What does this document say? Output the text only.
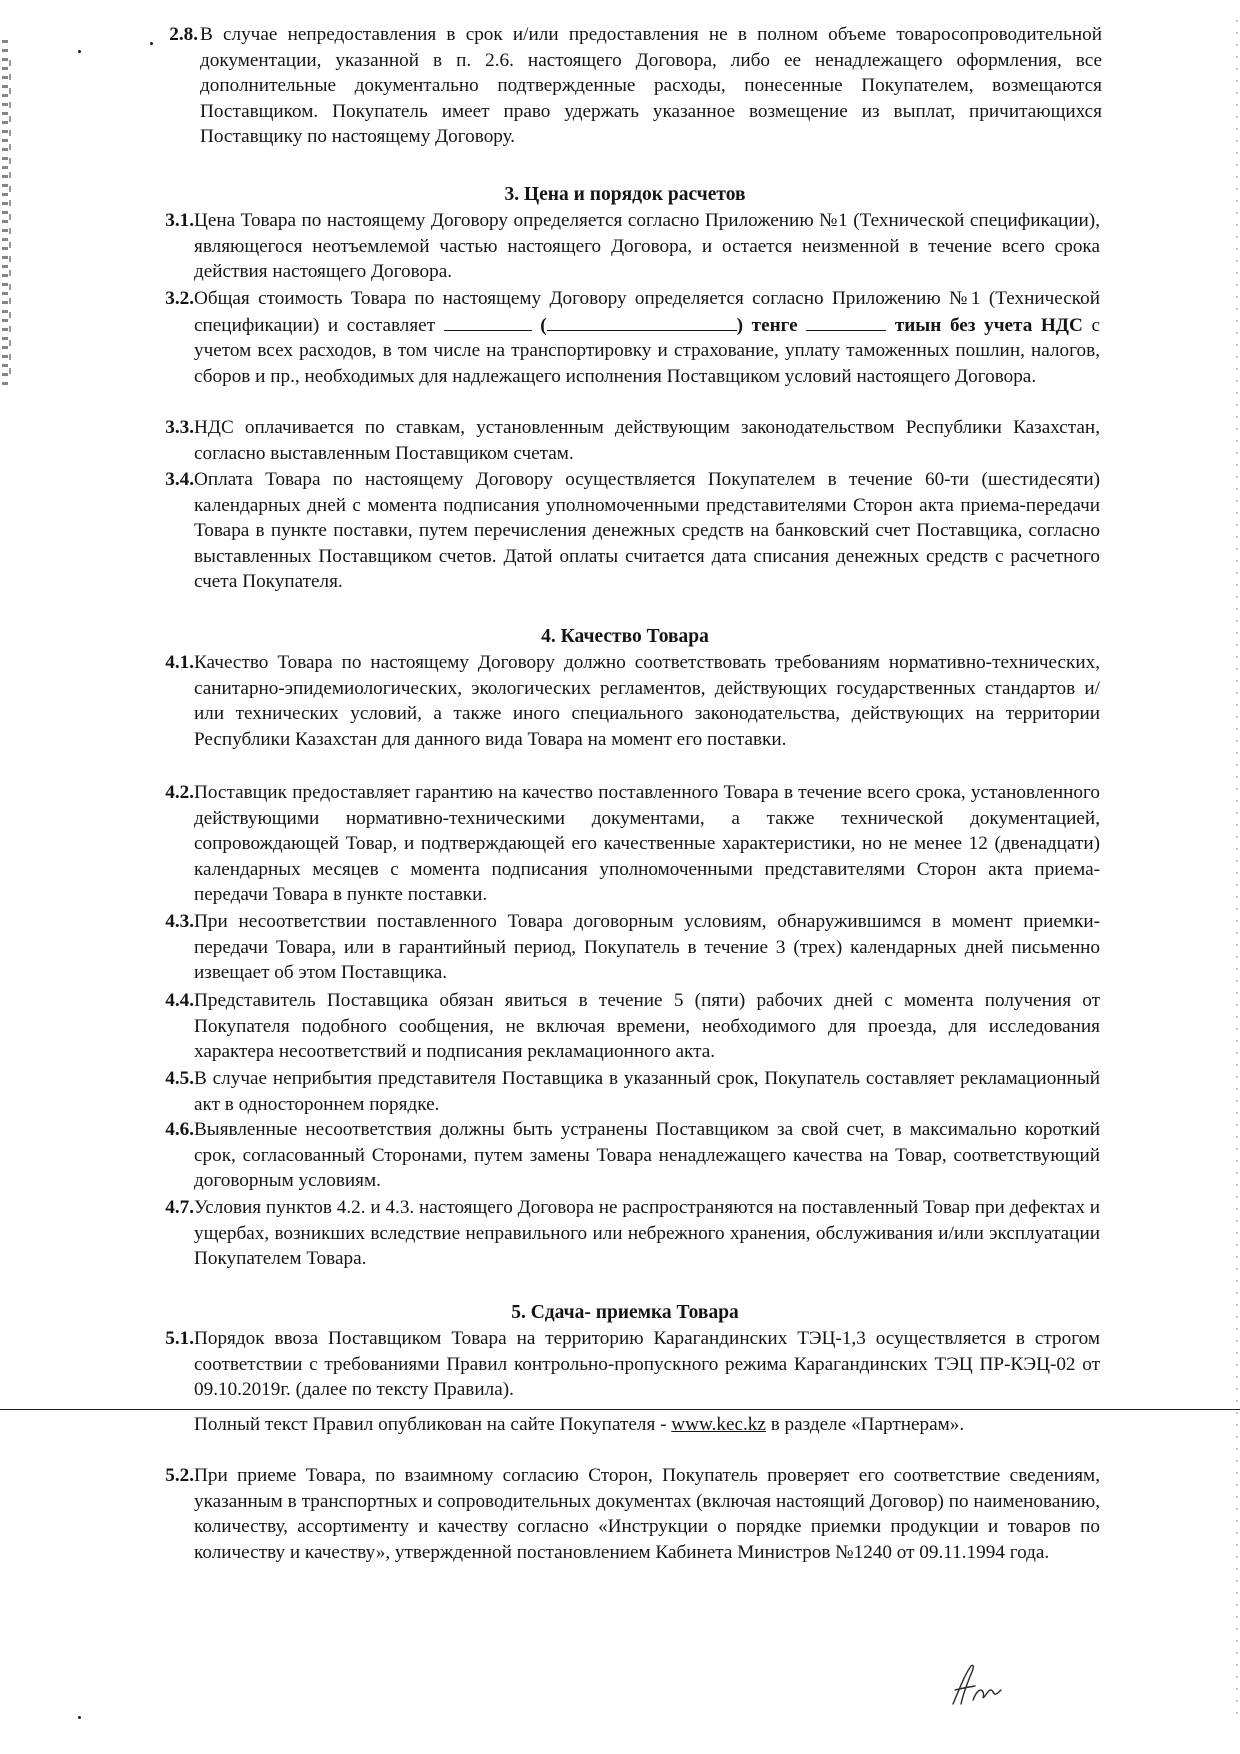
2.8. В случае непредоставления в срок и/или предоставления не в полном объеме товаросопроводительной документации, указанной в п. 2.6. настоящего Договора, либо ее ненадлежащего оформления, все дополнительные документально подтвержденные расходы, понесенные Покупателем, возмещаются Поставщиком. Покупатель имеет право удержать указанное возмещение из выплат, причитающихся Поставщику по настоящему Договору.
3. Цена и порядок расчетов
3.1. Цена Товара по настоящему Договору определяется согласно Приложению №1 (Технической спецификации), являющегося неотъемлемой частью настоящего Договора, и остается неизменной в течение всего срока действия настоящего Договора.
3.2. Общая стоимость Товара по настоящему Договору определяется согласно Приложению №1 (Технической спецификации) и составляет	(	) тенге	тиын без учета НДС с учетом всех расходов, в том числе на транспортировку и страхование, уплату таможенных пошлин, налогов, сборов и пр., необходимых для надлежащего исполнения Поставщиком условий настоящего Договора.
3.3. НДС оплачивается по ставкам, установленным действующим законодательством Республики Казахстан, согласно выставленным Поставщиком счетам.
3.4. Оплата Товара по настоящему Договору осуществляется Покупателем в течение 60-ти (шестидесяти) календарных дней с момента подписания уполномоченными представителями Сторон акта приема-передачи Товара в пункте поставки, путем перечисления денежных средств на банковский счет Поставщика, согласно выставленных Поставщиком счетов. Датой оплаты считается дата списания денежных средств с расчетного счета Покупателя.
4. Качество Товара
4.1. Качество Товара по настоящему Договору должно соответствовать требованиям нормативно-технических, санитарно-эпидемиологических, экологических регламентов, действующих государственных стандартов и/или технических условий, а также иного специального законодательства, действующих на территории Республики Казахстан для данного вида Товара на момент его поставки.
4.2. Поставщик предоставляет гарантию на качество поставленного Товара в течение всего срока, установленного действующими нормативно-техническими документами, а также технической документацией, сопровождающей Товар, и подтверждающей его качественные характеристики, но не менее 12 (двенадцати) календарных месяцев с момента подписания уполномоченными представителями Сторон акта приема-передачи Товара в пункте поставки.
4.3. При несоответствии поставленного Товара договорным условиям, обнаружившимся в момент приемки-передачи Товара, или в гарантийный период, Покупатель в течение 3 (трех) календарных дней письменно извещает об этом Поставщика.
4.4. Представитель Поставщика обязан явиться в течение 5 (пяти) рабочих дней с момента получения от Покупателя подобного сообщения, не включая времени, необходимого для проезда, для исследования характера несоответствий и подписания рекламационного акта.
4.5. В случае неприбытия представителя Поставщика в указанный срок, Покупатель составляет рекламационный акт в одностороннем порядке.
4.6. Выявленные несоответствия должны быть устранены Поставщиком за свой счет, в максимально короткий срок, согласованный Сторонами, путем замены Товара ненадлежащего качества на Товар, соответствующий договорным условиям.
4.7. Условия пунктов 4.2. и 4.3. настоящего Договора не распространяются на поставленный Товар при дефектах и ущербах, возникших вследствие неправильного или небрежного хранения, обслуживания и/или эксплуатации Покупателем Товара.
5. Сдача- приемка Товара
5.1. Порядок ввоза Поставщиком Товара на территорию Карагандинских ТЭЦ-1,3 осуществляется в строгом соответствии с требованиями Правил контрольно-пропускного режима Карагандинских ТЭЦ ПР-КЭЦ-02 от 09.10.2019г. (далее по тексту Правила).
Полный текст Правил опубликован на сайте Покупателя - www.kec.kz в разделе «Партнерам».
5.2. При приеме Товара, по взаимному согласию Сторон, Покупатель проверяет его соответствие сведениям, указанным в транспортных и сопроводительных документах (включая настоящий Договор) по наименованию, количеству, ассортименту и качеству согласно «Инструкции о порядке приемки продукции и товаров по количеству и качеству», утвержденной постановлением Кабинета Министров №1240 от 09.11.1994 года.
